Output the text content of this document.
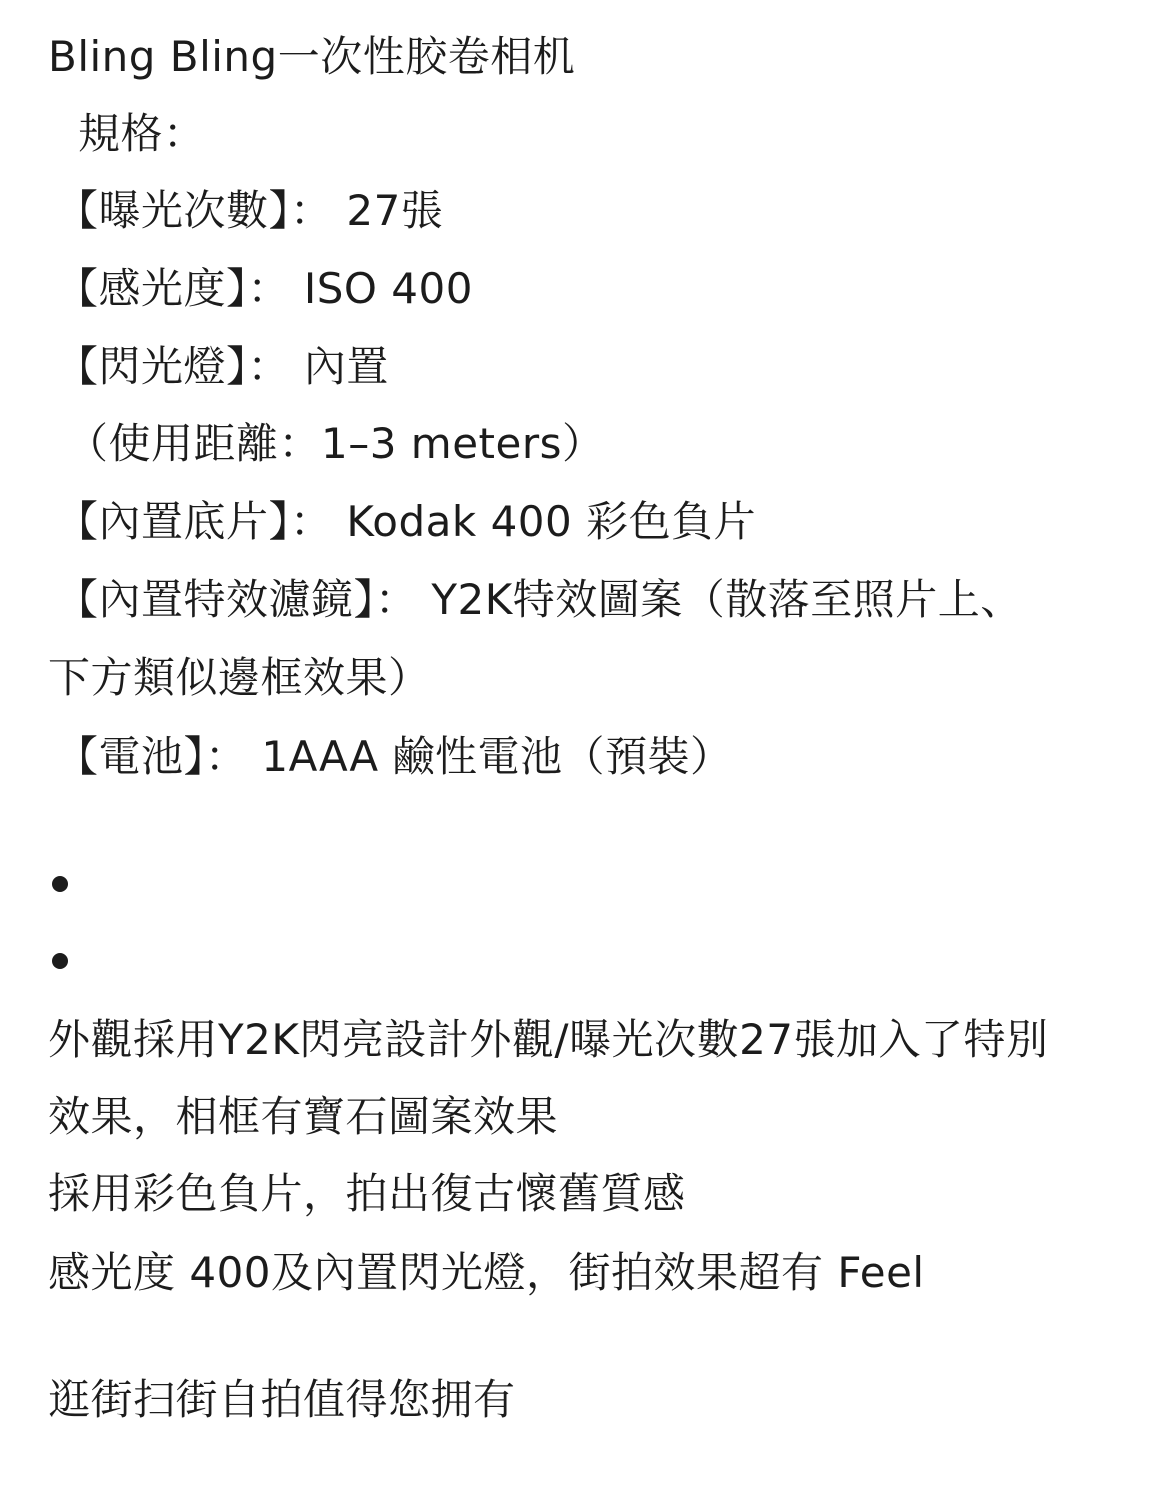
Bling Bling一次性胶卷相机
規格：
【曝光次數】： 27張
【感光度】： ISO 400
【閃光燈】： 內置
（使用距離：1–3 meters）
【內置底片】： Kodak 400 彩色負片
【內置特效濾鏡】： Y2K特效圖案（散落至照片上、
下方類似邊框效果）
【電池】： 1AAA 鹼性電池（預裝）
外觀採用Y2K閃亮設計外觀/曝光次數27張加入了特別
效果，相框有寶石圖案效果
採用彩色負片，拍出復古懷舊質感
感光度 400及內置閃光燈，街拍效果超有 Feel
逛街扫街自拍值得您拥有
